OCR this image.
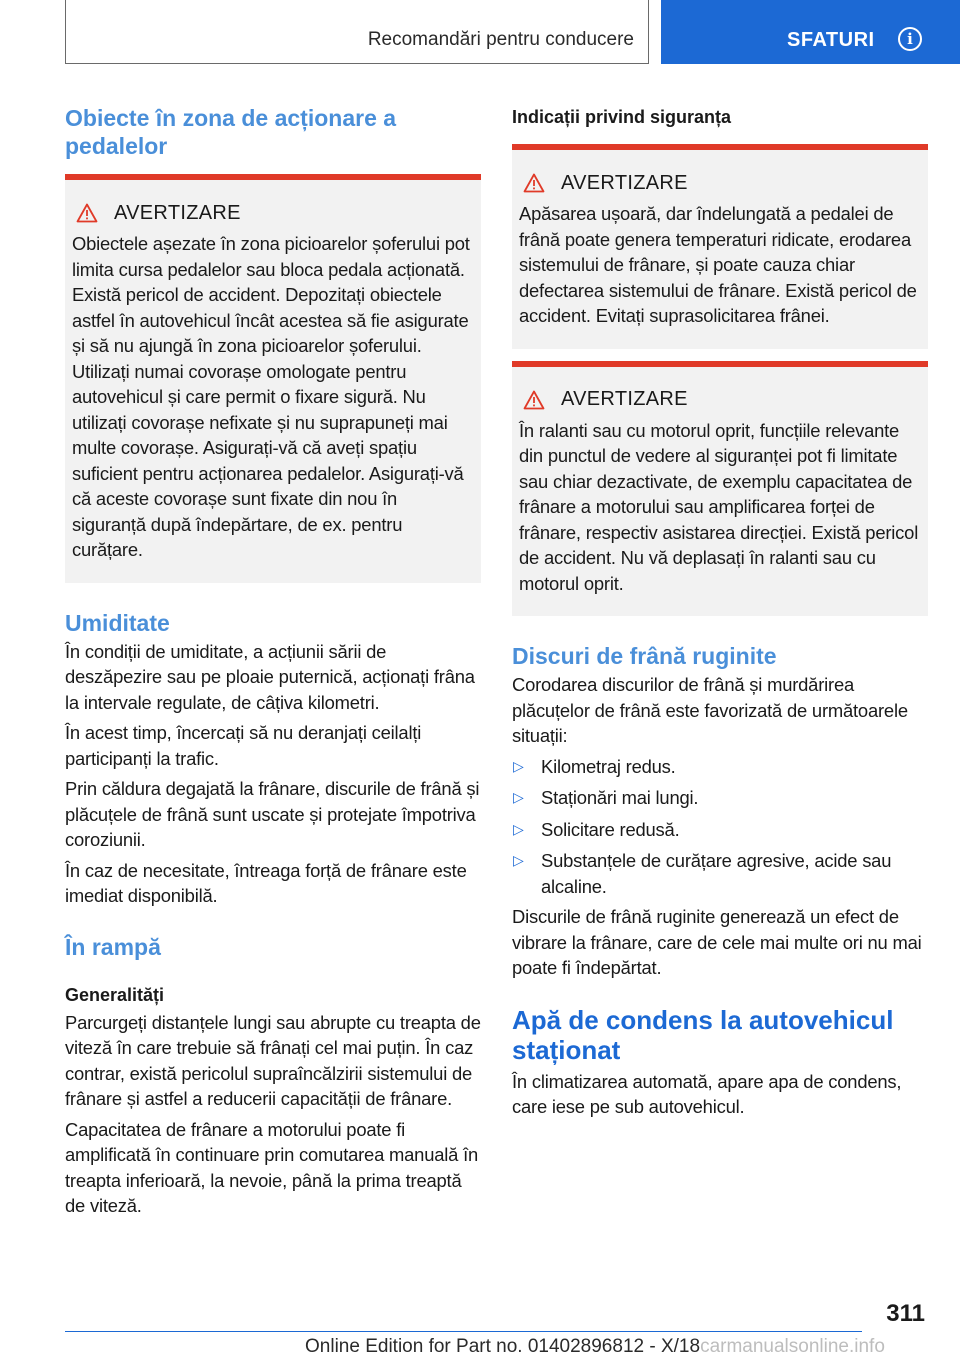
Recomandări pentru conducere	SFATURI	i
Obiecte în zona de acționare a pedalelor
AVERTIZARE

Obiectele așezate în zona picioarelor șoferului pot limita cursa pedalelor sau bloca pedala acționată. Există pericol de accident. Depozitați obiectele astfel în autovehicul încât acestea să fie asigurate și să nu ajungă în zona picioarelor șoferului. Utilizați numai covorașe omologate pentru autovehicul și care permit o fixare sigură. Nu utilizați covorașe nefixate și nu suprapuneți mai multe covorașe. Asigurați-vă că aveți spațiu suficient pentru acționarea pedalelor. Asigurați-vă că aceste covorașe sunt fixate din nou în siguranță după îndepărtare, de ex. pentru curățare.

Umiditate

În condiții de umiditate, a acțiunii sării de deszăpezire sau pe ploaie puternică, acționați frâna la intervale regulate, de câțiva kilometri.

În acest timp, încercați să nu deranjați ceilalți participanți la trafic.

Prin căldura degajată la frânare, discurile de frână și plăcuțele de frână sunt uscate și protejate împotriva coroziunii.

În caz de necesitate, întreaga forță de frânare este imediat disponibilă.

În rampă
Generalități

Parcurgeți distanțele lungi sau abrupte cu treapta de viteză în care trebuie să frânați cel mai puțin. În caz contrar, există pericolul supraîncălzirii sistemului de frânare și astfel a reducerii capacității de frânare.

Capacitatea de frânare a motorului poate fi amplificată în continuare prin comutarea manuală în treapta inferioară, la nevoie, până la prima treaptă de viteză.

Indicații privind siguranța
AVERTIZARE

Apăsarea ușoară, dar îndelungată a pedalei de frână poate genera temperaturi ridicate, erodarea sistemului de frânare, și poate cauza chiar defectarea sistemului de frânare. Există pericol de accident. Evitați suprasolicitarea frânei.

AVERTIZARE

În ralanti sau cu motorul oprit, funcțiile relevante din punctul de vedere al siguranței pot fi limitate sau chiar dezactivate, de exemplu capacitatea de frânare a motorului sau amplificarea forței de frânare, respectiv asistarea direcției. Există pericol de accident. Nu vă deplasați în ralanti sau cu motorul oprit.

Discuri de frână ruginite

Corodarea discurilor de frână și murdărirea plăcuțelor de frână este favorizată de următoarele situații:

▷ Kilometraj redus.
▷ Staționări mai lungi.
▷ Solicitare redusă.
▷ Substanțele de curățare agresive, acide sau alcaline.

Discurile de frână ruginite generează un efect de vibrare la frânare, care de cele mai multe ori nu mai poate fi îndepărtat.

Apă de condens la autovehicul staționat

În climatizarea automată, apare apa de condens, care iese pe sub autovehicul.

311
Online Edition for Part no. 01402896812 - X/18carmanualsonline.info
